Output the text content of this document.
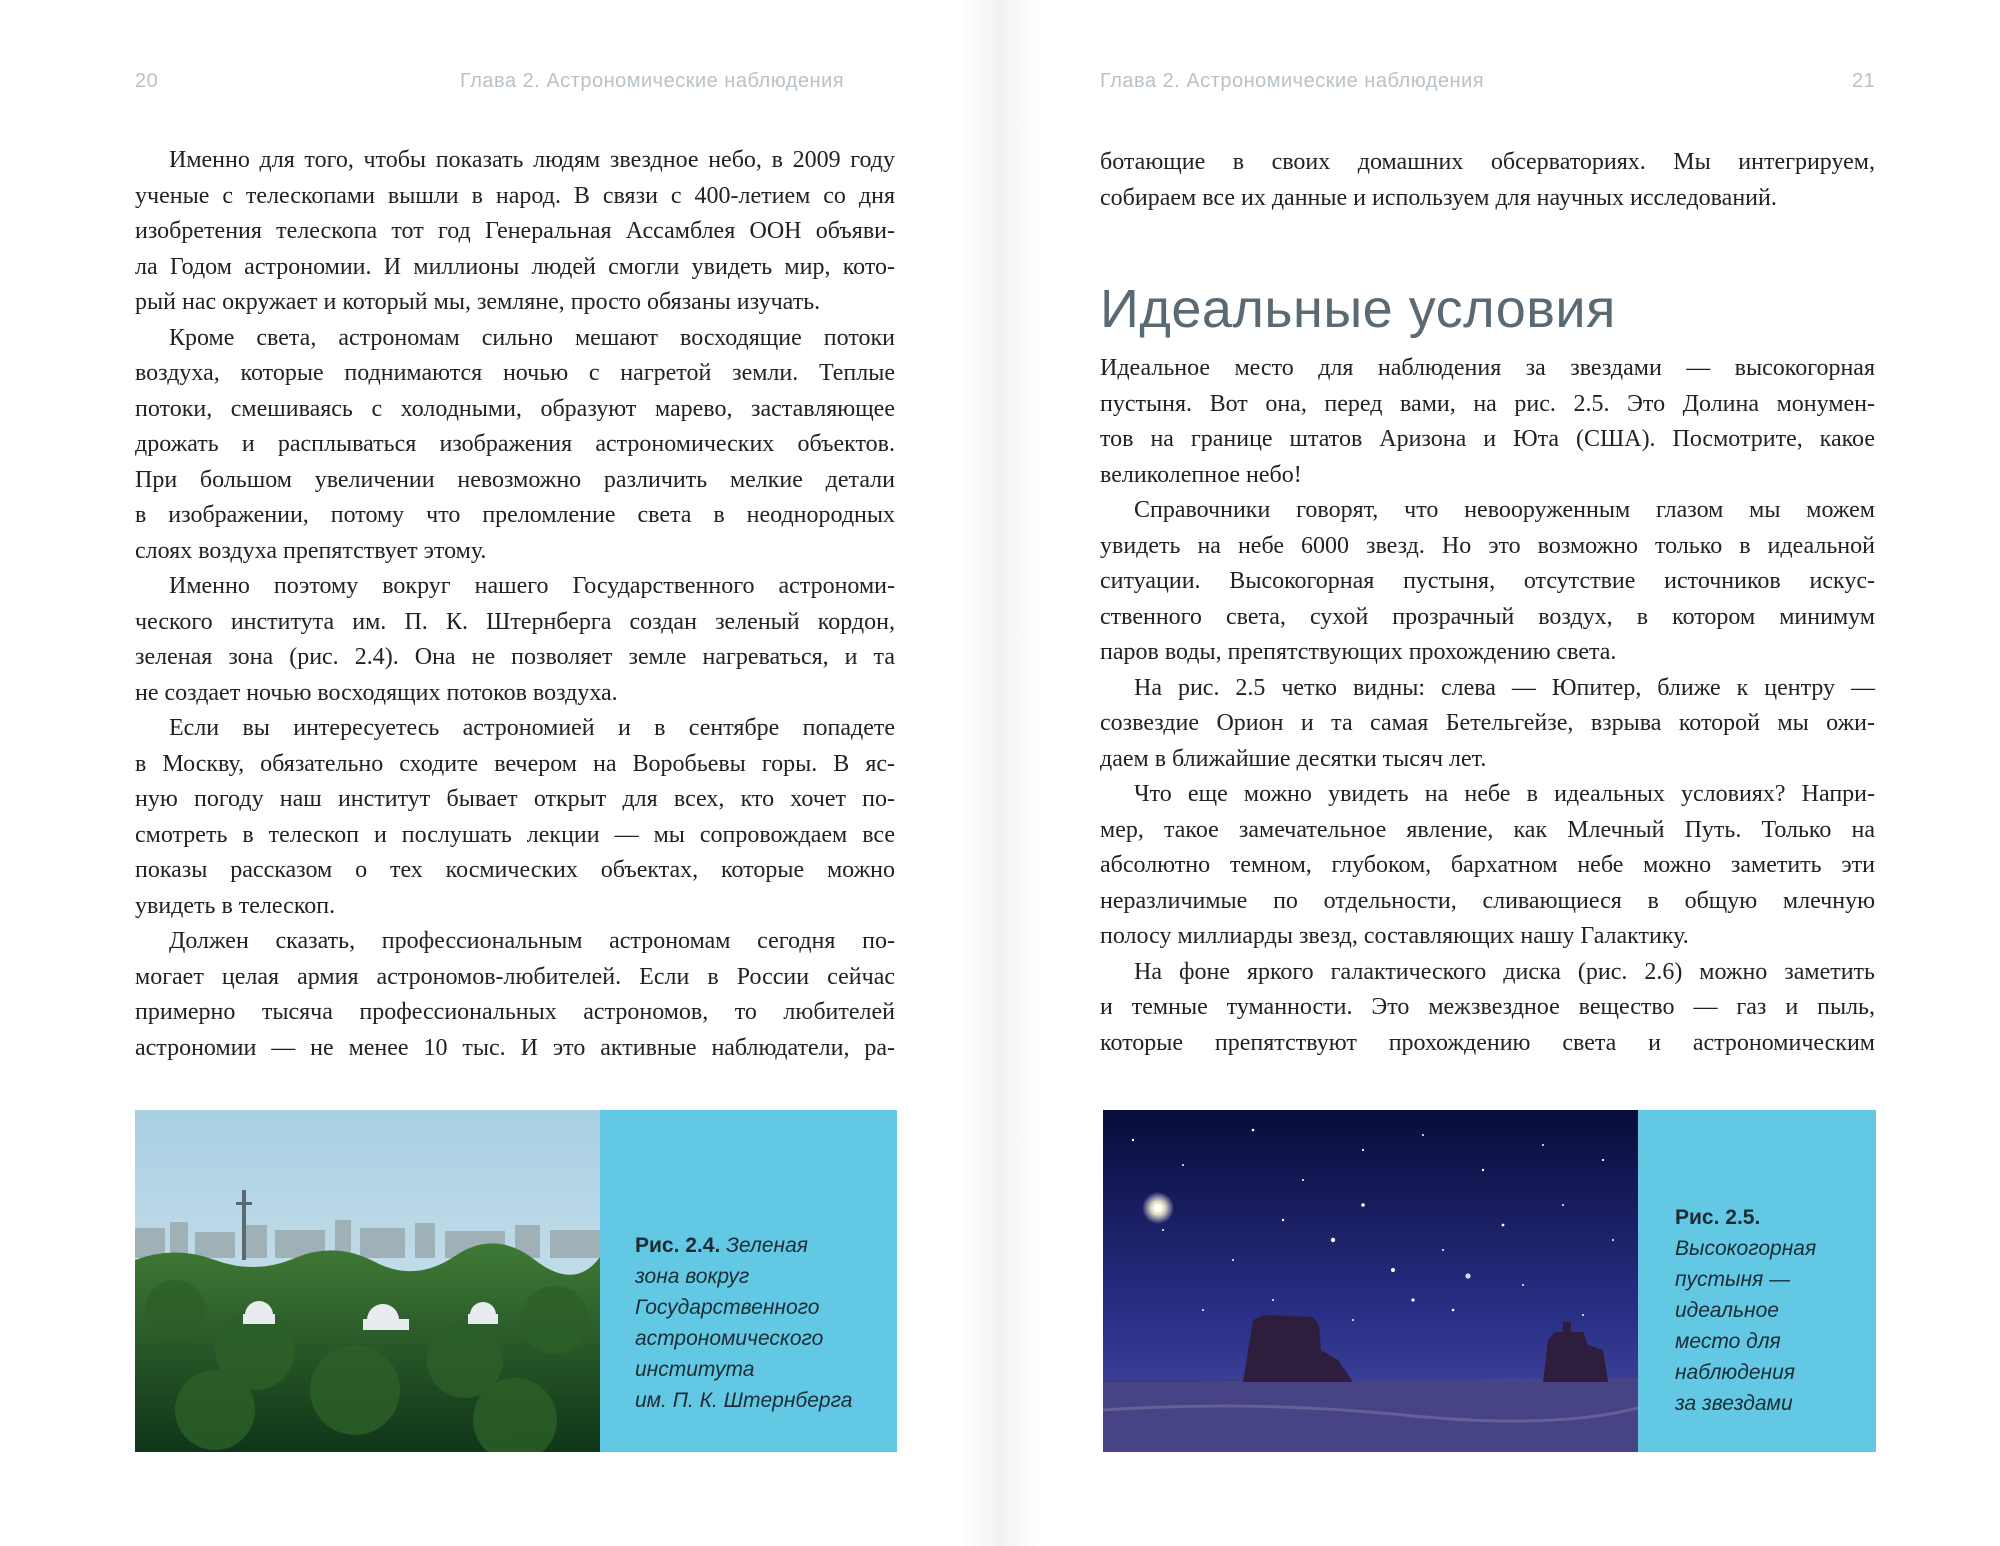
20	Глава 2. Астрономические наблюдения
Именно для того, чтобы показать людям звездное небо, в 2009 году
ученые с телескопами вышли в народ. В связи с 400-летием со дня
изобретения телескопа тот год Генеральная Ассамблея ООН объяви-
ла Годом астрономии. И миллионы людей смогли увидеть мир, кото-
рый нас окружает и который мы, земляне, просто обязаны изучать.
Кроме света, астрономам сильно мешают восходящие потоки
воздуха, которые поднимаются ночью с нагретой земли. Теплые
потоки, смешиваясь с холодными, образуют марево, заставляющее
дрожать и расплываться изображения астрономических объектов.
При большом увеличении невозможно различить мелкие детали
в изображении, потому что преломление света в неоднородных
слоях воздуха препятствует этому.
Именно поэтому вокруг нашего Государственного астрономи-
ческого института им. П. К. Штернберга создан зеленый кордон,
зеленая зона (рис. 2.4). Она не позволяет земле нагреваться, и та
не создает ночью восходящих потоков воздуха.
Если вы интересуетесь астрономией и в сентябре попадете
в Москву, обязательно сходите вечером на Воробьевы горы. В яс-
ную погоду наш институт бывает открыт для всех, кто хочет по-
смотреть в телескоп и послушать лекции — мы сопровождаем все
показы рассказом о тех космических объектах, которые можно
увидеть в телескоп.
Должен сказать, профессиональным астрономам сегодня по-
могает целая армия астрономов-любителей. Если в России сейчас
примерно тысяча профессиональных астрономов, то любителей
астрономии — не менее 10 тыс. И это активные наблюдатели, ра-
Рис. 2.4. Зеленая
зона вокруг
Государственного
астрономического
института
им. П. К. Штернберга
Глава 2. Астрономические наблюдения	21
ботающие в своих домашних обсерваториях. Мы интегрируем,
собираем все их данные и используем для научных исследований.
Идеальные условия
Идеальное место для наблюдения за звездами — высокогорная
пустыня. Вот она, перед вами, на рис. 2.5. Это Долина монумен-
тов на границе штатов Аризона и Юта (США). Посмотрите, какое
великолепное небо!
Справочники говорят, что невооруженным глазом мы можем
увидеть на небе 6000 звезд. Но это возможно только в идеальной
ситуации. Высокогорная пустыня, отсутствие источников искус-
ственного света, сухой прозрачный воздух, в котором минимум
паров воды, препятствующих прохождению света.
На рис. 2.5 четко видны: слева — Юпитер, ближе к центру —
созвездие Орион и та самая Бетельгейзе, взрыва которой мы ожи-
даем в ближайшие десятки тысяч лет.
Что еще можно увидеть на небе в идеальных условиях? Напри-
мер, такое замечательное явление, как Млечный Путь. Только на
абсолютно темном, глубоком, бархатном небе можно заметить эти
неразличимые по отдельности, сливающиеся в общую млечную
полосу миллиарды звезд, составляющих нашу Галактику.
На фоне яркого галактического диска (рис. 2.6) можно заметить
и темные туманности. Это межзвездное вещество — газ и пыль,
которые препятствуют прохождению света и астрономическим
Рис. 2.5.
Высокогорная
пустыня —
идеальное
место для
наблюдения
за звездами
